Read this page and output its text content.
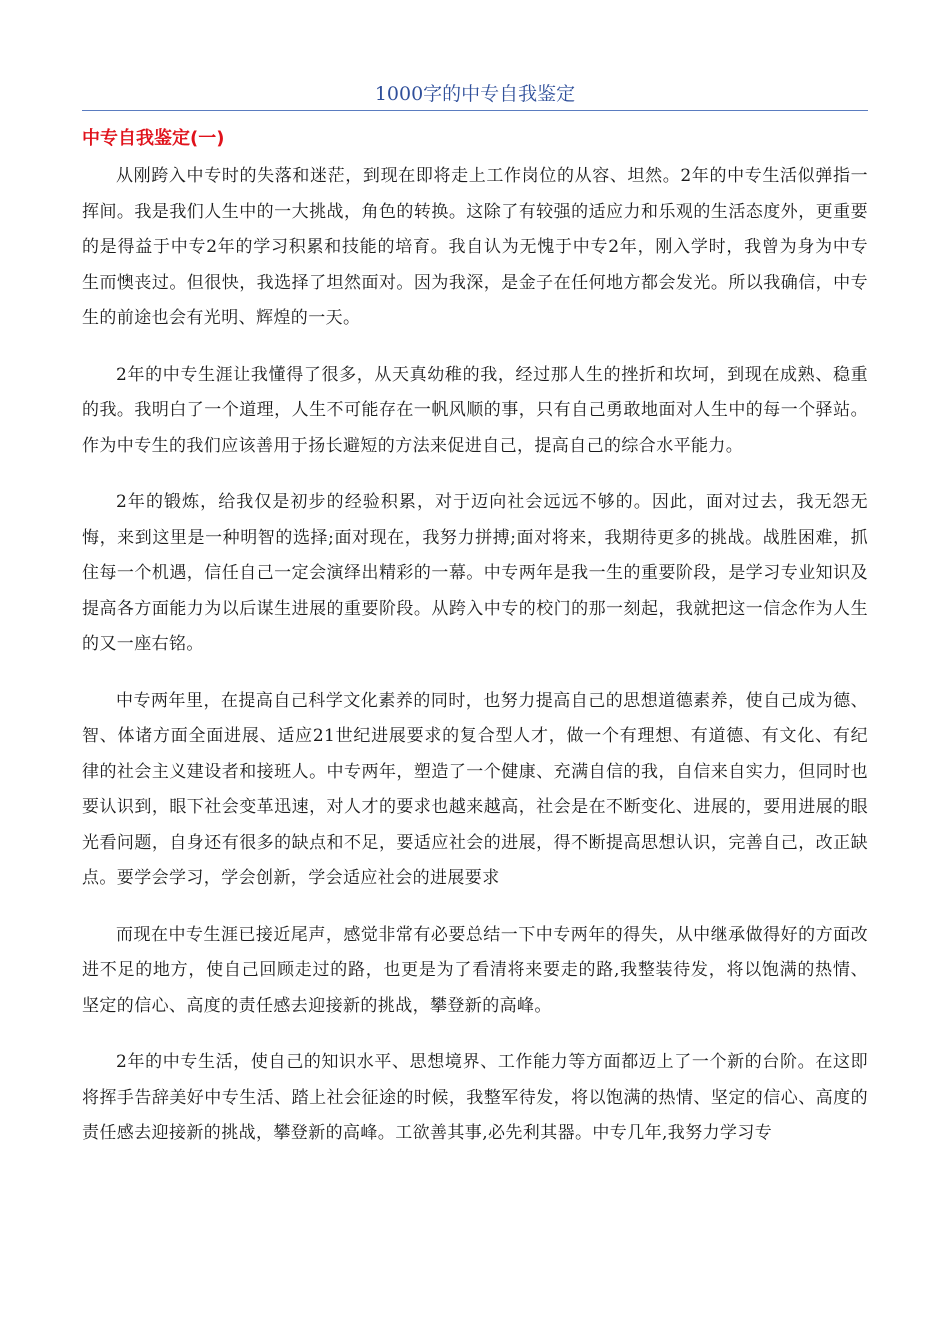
1000字的中专自我鉴定
中专自我鉴定(一)

从刚跨入中专时的失落和迷茫，到现在即将走上工作岗位的从容、坦然。2年的中专生活似弹指一挥间。我是我们人生中的一大挑战，角色的转换。这除了有较强的适应力和乐观的生活态度外，更重要的是得益于中专2年的学习积累和技能的培育。我自认为无愧于中专2年，刚入学时，我曾为身为中专生而懊丧过。但很快，我选择了坦然面对。因为我深，是金子在任何地方都会发光。所以我确信，中专生的前途也会有光明、辉煌的一天。

2年的中专生涯让我懂得了很多，从天真幼稚的我，经过那人生的挫折和坎坷，到现在成熟、稳重的我。我明白了一个道理，人生不可能存在一帆风顺的事，只有自己勇敢地面对人生中的每一个驿站。作为中专生的我们应该善用于扬长避短的方法来促进自己，提高自己的综合水平能力。

2年的锻炼，给我仅是初步的经验积累，对于迈向社会远远不够的。因此，面对过去，我无怨无悔，来到这里是一种明智的选择;面对现在，我努力拼搏;面对将来，我期待更多的挑战。战胜困难，抓住每一个机遇，信任自己一定会演绎出精彩的一幕。中专两年是我一生的重要阶段，是学习专业知识及提高各方面能力为以后谋生进展的重要阶段。从跨入中专的校门的那一刻起，我就把这一信念作为人生的又一座右铭。

中专两年里，在提高自己科学文化素养的同时，也努力提高自己的思想道德素养，使自己成为德、智、体诸方面全面进展、适应21世纪进展要求的复合型人才，做一个有理想、有道德、有文化、有纪律的社会主义建设者和接班人。中专两年，塑造了一个健康、充满自信的我，自信来自实力，但同时也要认识到，眼下社会变革迅速，对人才的要求也越来越高，社会是在不断变化、进展的，要用进展的眼光看问题，自身还有很多的缺点和不足，要适应社会的进展，得不断提高思想认识，完善自己，改正缺点。要学会学习，学会创新，学会适应社会的进展要求

而现在中专生涯已接近尾声，感觉非常有必要总结一下中专两年的得失，从中继承做得好的方面改进不足的地方，使自己回顾走过的路，也更是为了看清将来要走的路,我整装待发，将以饱满的热情、坚定的信心、高度的责任感去迎接新的挑战，攀登新的高峰。

2年的中专生活，使自己的知识水平、思想境界、工作能力等方面都迈上了一个新的台阶。在这即将挥手告辞美好中专生活、踏上社会征途的时候，我整军待发，将以饱满的热情、坚定的信心、高度的责任感去迎接新的挑战，攀登新的高峰。工欲善其事,必先利其器。中专几年,我努力学习专
